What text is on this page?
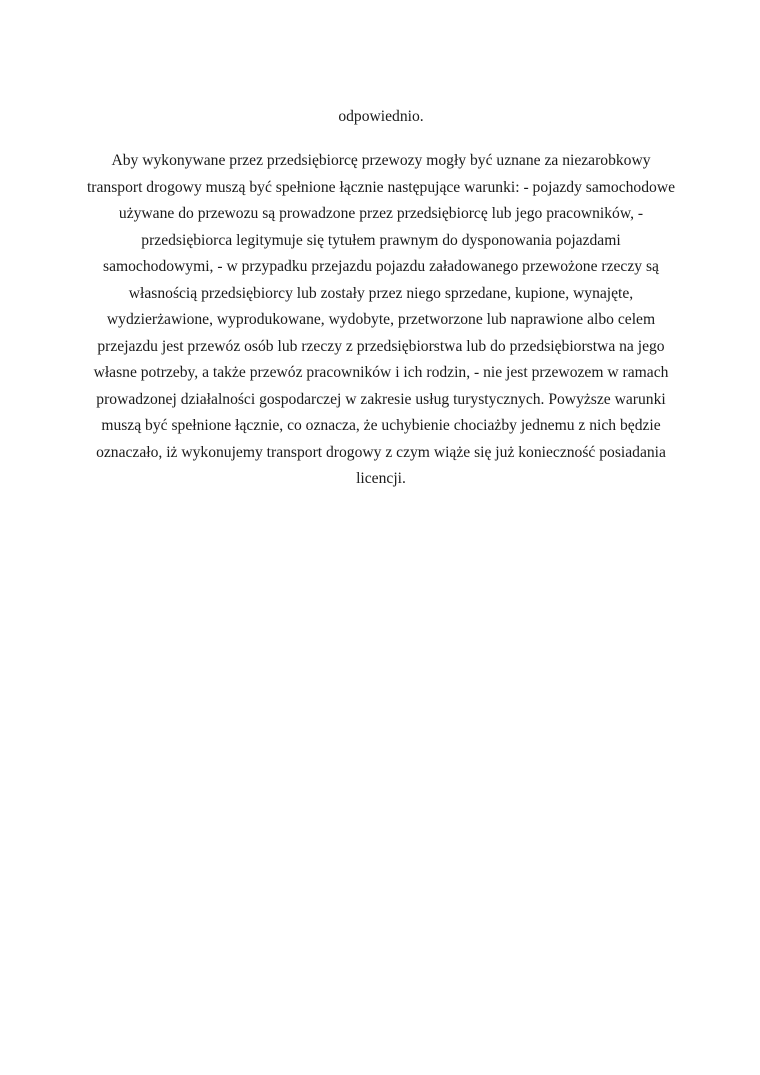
odpowiednio.
Aby wykonywane przez przedsiębiorcę przewozy mogły być uznane za niezarobkowy
transport drogowy muszą być spełnione łącznie następujące warunki: - pojazdy samochodowe
używane do przewozu są prowadzone przez przedsiębiorcę lub jego pracowników, -
przedsiębiorca legitymuje się tytułem prawnym do dysponowania pojazdami
samochodowymi, - w przypadku przejazdu pojazdu załadowanego przewożone rzeczy są
własnością przedsiębiorcy lub zostały przez niego sprzedane, kupione, wynajęte,
wydzierżawione, wyprodukowane, wydobyte, przetworzone lub naprawione albo celem
przejazdu jest przewóz osób lub rzeczy z przedsiębiorstwa lub do przedsiębiorstwa na jego
własne potrzeby, a także przewóz pracowników i ich rodzin, - nie jest przewozem w ramach
prowadzonej działalności gospodarczej w zakresie usług turystycznych. Powyższe warunki
muszą być spełnione łącznie, co oznacza, że uchybienie chociażby jednemu z nich będzie
oznaczało, iż wykonujemy transport drogowy z czym wiąże się już konieczność posiadania
licencji.
